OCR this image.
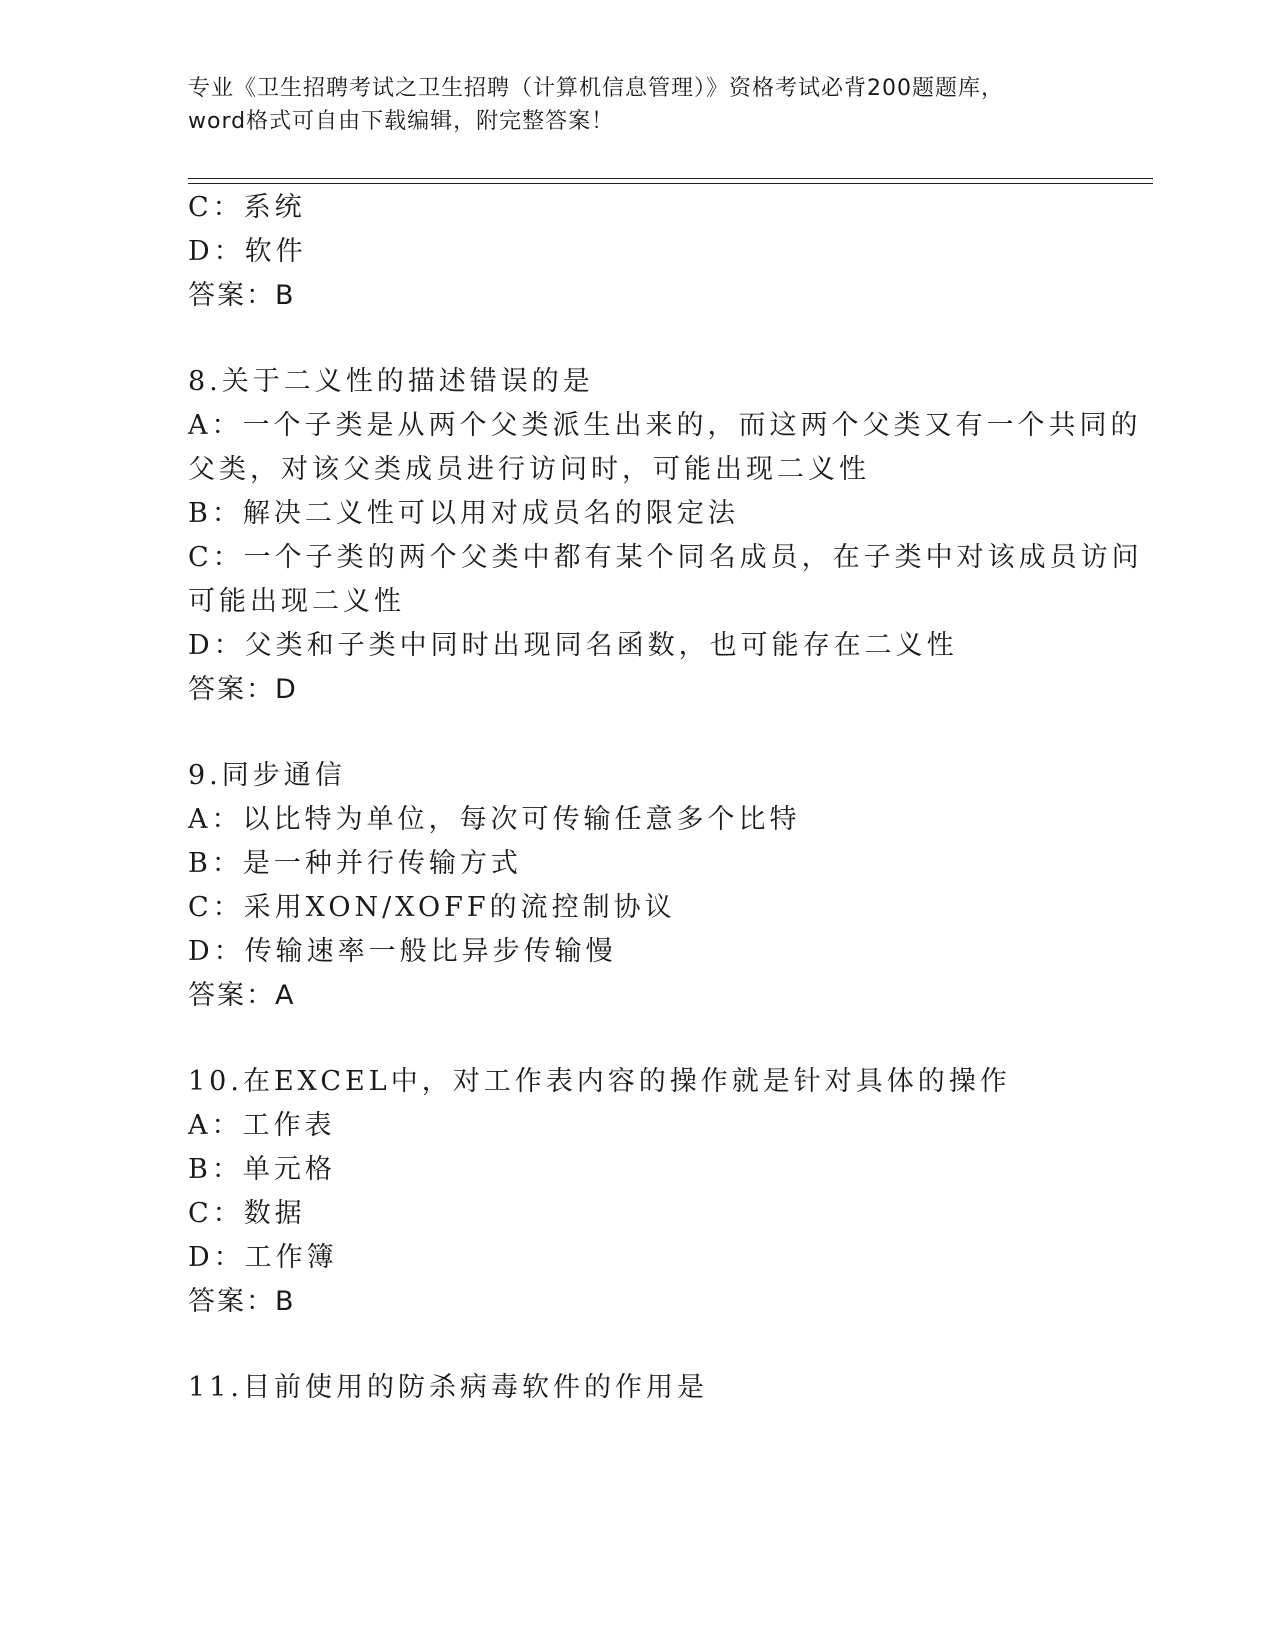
专业《卫生招聘考试之卫生招聘（计算机信息管理）》资格考试必背200题题库，

word格式可自由下载编辑，附完整答案！

C：系统
D：软件
答案：B
8.关于二义性的描述错误的是
A：一个子类是从两个父类派生出来的，而这两个父类又有一个共同的
父类，对该父类成员进行访问时，可能出现二义性
B：解决二义性可以用对成员名的限定法
C：一个子类的两个父类中都有某个同名成员，在子类中对该成员访问
可能出现二义性
D：父类和子类中同时出现同名函数，也可能存在二义性
答案：D
9.同步通信
A：以比特为单位，每次可传输任意多个比特
B：是一种并行传输方式
C：采用XON/XOFF的流控制协议
D：传输速率一般比异步传输慢
答案：A
10.在EXCEL中，对工作表内容的操作就是针对具体的操作
A：工作表
B：单元格
C：数据
D：工作簿
答案：B
11.目前使用的防杀病毒软件的作用是
